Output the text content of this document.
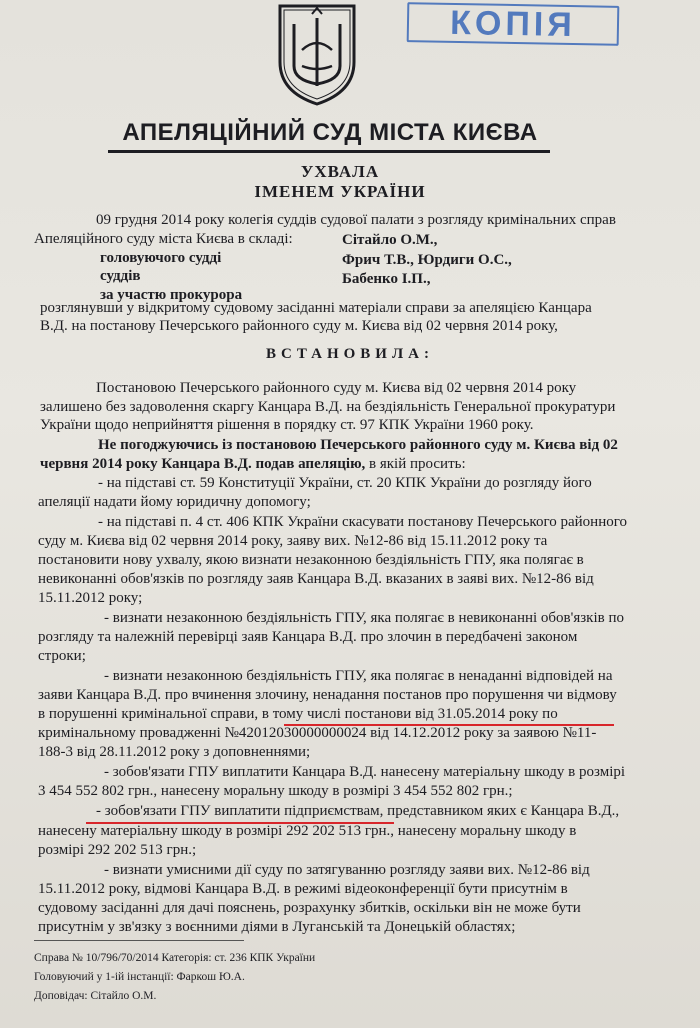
КОПІЯ
АПЕЛЯЦІЙНИЙ СУД МІСТА КИЄВА
УХВАЛА
ІМЕНЕМ УКРАЇНИ
09 грудня 2014 року колегія суддів судової палати з розгляду кримінальних справ
Апеляційного суду міста Києва в складі:
головуючого судді
Сітайло О.М.,
суддів
Фрич Т.В., Юрдиги О.С.,
за участю прокурора
Бабенко І.П.,
розглянувши у відкритому судовому засіданні матеріали справи за апеляцією Канцара
В.Д. на постанову Печерського районного суду м. Києва від 02 червня 2014 року,
ВСТАНОВИЛА:
Постановою Печерського районного суду м. Києва від 02 червня 2014 року
залишено без задоволення скаргу Канцара В.Д. на бездіяльність Генеральної прокуратури
України щодо неприйняття рішення в порядку ст. 97 КПК України 1960 року.
Не погоджуючись із постановою Печерського районного суду м. Києва від 02
червня 2014 року Канцара В.Д. подав апеляцію, в якій просить:
- на підставі ст. 59 Конституції України, ст. 20 КПК України до розгляду його
апеляції надати йому юридичну допомогу;
- на підставі п. 4 ст. 406 КПК України скасувати постанову Печерського районного
суду м. Києва від 02 червня 2014 року, заяву вих. №12-86 від 15.11.2012 року та
постановити нову ухвалу, якою визнати незаконною бездіяльність ГПУ, яка полягає в
невиконанні обов'язків по розгляду заяв Канцара В.Д. вказаних в заяві вих. №12-86 від
15.11.2012 року;
- визнати незаконною бездіяльність ГПУ, яка полягає в невиконанні обов'язків по
розгляду та належній перевірці заяв Канцара В.Д. про злочин в передбачені законом
строки;
- визнати незаконною бездіяльність ГПУ, яка полягає в ненаданні відповідей на
заяви Канцара В.Д. про вчинення злочину, ненадання постанов про порушення чи відмову
в порушенні кримінальної справи, в тому числі постанови від 31.05.2014 року по
кримінальному провадженні №42012030000000024 від 14.12.2012 року за заявою №11-
188-3 від 28.11.2012 року з доповненнями;
- зобов'язати ГПУ виплатити Канцара В.Д. нанесену матеріальну шкоду в розмірі
3 454 552 802 грн., нанесену моральну шкоду в розмірі 3 454 552 802 грн.;
- зобов'язати ГПУ виплатити підприємствам, представником яких є Канцара В.Д.,
нанесену матеріальну шкоду в розмірі 292 202 513 грн., нанесену моральну шкоду в
розмірі 292 202 513 грн.;
- визнати умисними дії суду по затягуванню розгляду заяви вих. №12-86 від
15.11.2012 року, відмові Канцара В.Д. в режимі відеоконференції бути присутнім в
судовому засіданні для дачі пояснень, розрахунку збитків, оскільки він не може бути
присутнім у зв'язку з воєнними діями в Луганській та Донецькій областях;
Справа № 10/796/70/2014 Категорія: ст. 236 КПК України
Головуючий у 1-ій інстанції: Фаркош Ю.А.
Доповідач: Сітайло О.М.
